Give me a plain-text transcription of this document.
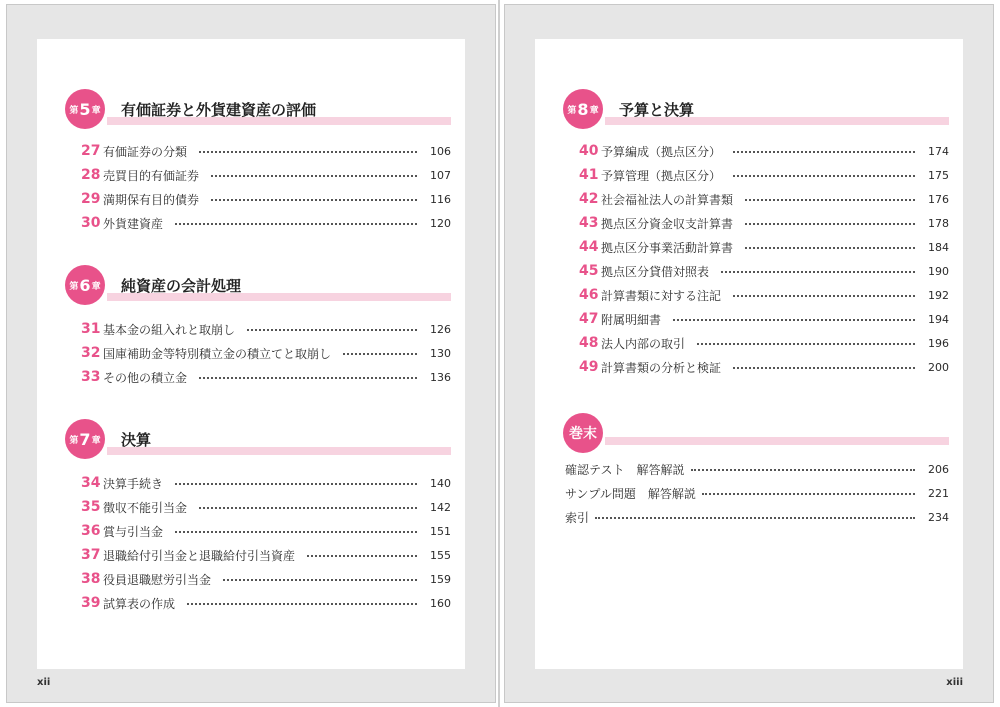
第 5 章 有価証券と外貨建資産の評価
27 有価証券の分類	106
28 売買目的有価証券	107
29 満期保有目的債券	116
30 外貨建資産	120
第 6 章 純資産の会計処理
31 基本金の組入れと取崩し	126
32 国庫補助金等特別積立金の積立てと取崩し	130
33 その他の積立金	136
第 7 章 決算
34 決算手続き	140
35 徴収不能引当金	142
36 賞与引当金	151
37 退職給付引当金と退職給付引当資産	155
38 役員退職慰労引当金	159
39 試算表の作成	160
xii
第 8 章 予算と決算
40 予算編成（拠点区分）	174
41 予算管理（拠点区分）	175
42 社会福祉法人の計算書類	176
43 拠点区分資金収支計算書	178
44 拠点区分事業活動計算書	184
45 拠点区分貸借対照表	190
46 計算書類に対する注記	192
47 附属明細書	194
48 法人内部の取引	196
49 計算書類の分析と検証	200
巻末
確認テスト　解答解説	206
サンプル問題　解答解説	221
索引	234
xiii
